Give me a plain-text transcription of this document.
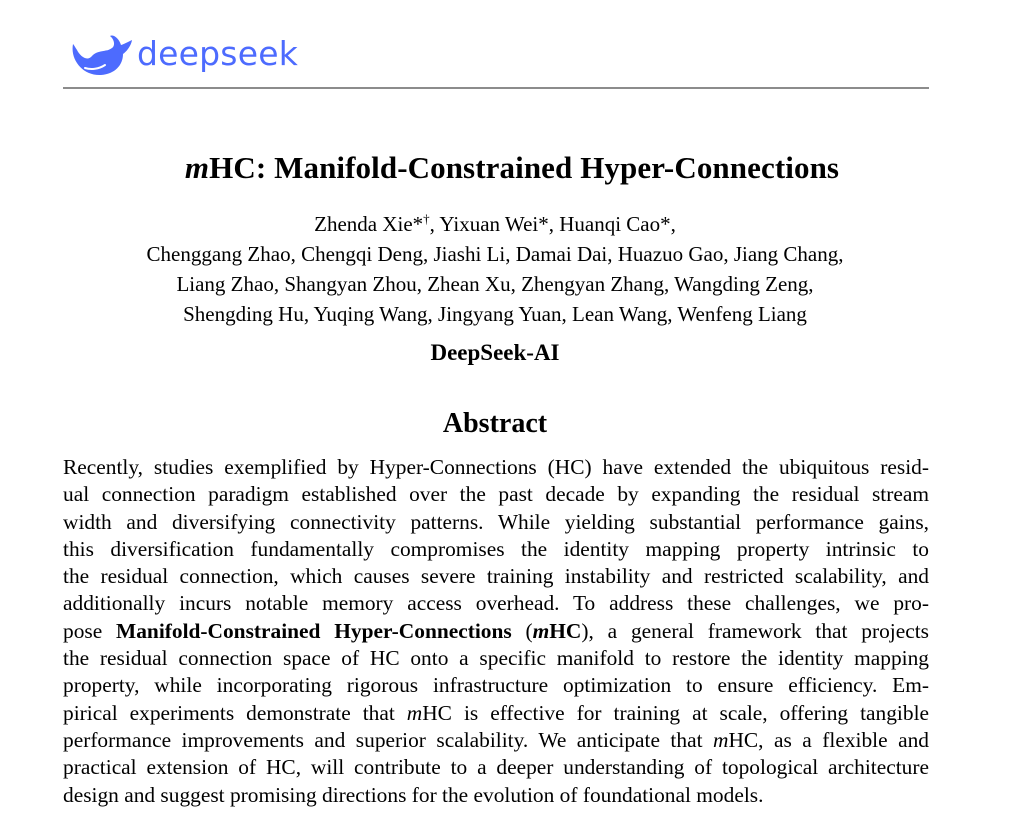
deepseek
mHC: Manifold-Constrained Hyper-Connections
Zhenda Xie*†, Yixuan Wei*, Huanqi Cao*,
Chenggang Zhao, Chengqi Deng, Jiashi Li, Damai Dai, Huazuo Gao, Jiang Chang,
Liang Zhao, Shangyan Zhou, Zhean Xu, Zhengyan Zhang, Wangding Zeng,
Shengding Hu, Yuqing Wang, Jingyang Yuan, Lean Wang, Wenfeng Liang
DeepSeek-AI
Abstract
Recently, studies exemplified by Hyper-Connections (HC) have extended the ubiquitous resid-
ual connection paradigm established over the past decade by expanding the residual stream
width and diversifying connectivity patterns. While yielding substantial performance gains,
this diversification fundamentally compromises the identity mapping property intrinsic to
the residual connection, which causes severe training instability and restricted scalability, and
additionally incurs notable memory access overhead. To address these challenges, we pro-
pose Manifold-Constrained Hyper-Connections (mHC), a general framework that projects
the residual connection space of HC onto a specific manifold to restore the identity mapping
property, while incorporating rigorous infrastructure optimization to ensure efficiency. Em-
pirical experiments demonstrate that mHC is effective for training at scale, offering tangible
performance improvements and superior scalability. We anticipate that mHC, as a flexible and
practical extension of HC, will contribute to a deeper understanding of topological architecture
design and suggest promising directions for the evolution of foundational models.
